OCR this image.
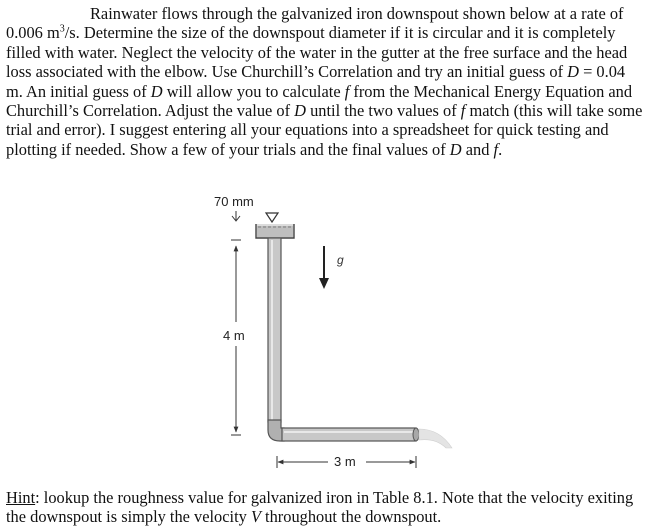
Rainwater flows through the galvanized iron downspout shown below at a rate of
0.006 $m^3/s$. Determine the size of the downspout diameter if it is circular and it is completely
filled with water. Neglect the velocity of the water in the gutter at the free surface and the head
loss associated with the elbow. Use Churchill’s Correlation and try an initial guess of D = 0.04
m. An initial guess of D will allow you to calculate f from the Mechanical Energy Equation and
Churchill’s Correlation. Adjust the value of D until the two values of f match (this will take some
trial and error). I suggest entering all your equations into a spreadsheet for quick testing and
plotting if needed. Show a few of your trials and the final values of D and f.
70 mm
4 m
g
3 m
Hint: lookup the roughness value for galvanized iron in Table 8.1. Note that the velocity exiting
the downspout is simply the velocity V throughout the downspout.
